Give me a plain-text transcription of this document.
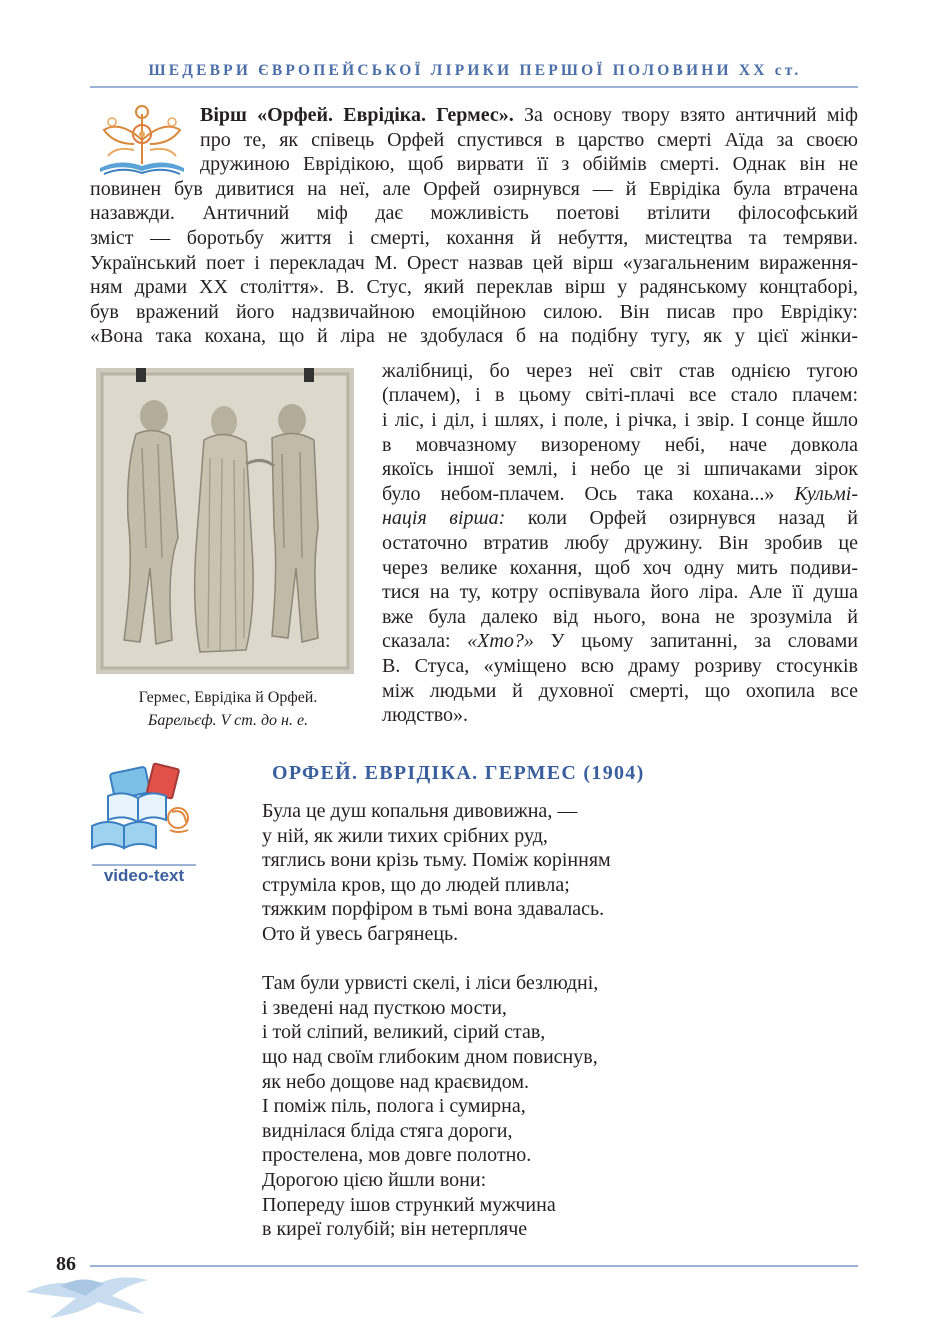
ШЕДЕВРИ ЄВРОПЕЙСЬКОЇ ЛІРИКИ ПЕРШОЇ ПОЛОВИНИ ХХ ст.
Вірш «Орфей. Еврідіка. Гермес». За основу твору взято античний міф
про те, як співець Орфей спустився в царство смерті Аїда за своєю
дружиною Еврідікою, щоб вирвати її з обіймів смерті. Однак він не
повинен був дивитися на неї, але Орфей озирнувся — й Еврідіка була втрачена
назавжди. Античний міф дає можливість поетові втілити філософський
зміст — боротьбу життя і смерті, кохання й небуття, мистецтва та темряви.
Український поет і перекладач М. Орест назвав цей вірш «узагальненим вираження-
ням драми ХХ століття». В. Стус, який переклав вірш у радянському концтаборі,
був вражений його надзвичайною емоційною силою. Він писав про Еврідіку:
«Вона така кохана, що й ліра не здобулася б на подібну тугу, як у цієї жінки-
Гермес, Еврідіка й Орфей.
Барельєф. V ст. до н. е.
жалібниці, бо через неї світ став однією тугою
(плачем), і в цьому світі-плачі все стало плачем:
і ліс, і діл, і шлях, і поле, і річка, і звір. І сонце йшло
в мовчазному визореному небі, наче довкола
якоїсь іншої землі, і небо це зі шпичаками зірок
було небом-плачем. Ось така кохана...» Кульмі-
нація вірша: коли Орфей озирнувся назад й
остаточно втратив любу дружину. Він зробив це
через велике кохання, щоб хоч одну мить подиви-
тися на ту, котру оспівувала його ліра. Але її душа
вже була далеко від нього, вона не зрозуміла й
сказала: «Хто?» У цьому запитанні, за словами
В. Стуса, «уміщено всю драму розриву стосунків
між людьми й духовної смерті, що охопила все
людство».
video-text
ОРФЕЙ. ЕВРІДІКА. ГЕРМЕС (1904)
Була це душ копальня дивовижна, —
у ній, як жили тихих срібних руд,
тяглись вони крізь тьму. Поміж корінням
струміла кров, що до людей пливла;
тяжким порфіром в тьмі вона здавалась.
Ото й увесь багрянець.
Там були урвисті скелі, і ліси безлюдні,
і зведені над пусткою мости,
і той сліпий, великий, сірий став,
що над своїм глибоким дном повиснув,
як небо дощове над краєвидом.
І поміж піль, полога і сумирна,
виднілася бліда стяга дороги,
простелена, мов довге полотно.
Дорогою цією йшли вони:
Попереду ішов стрункий мужчина
в киреї голубій; він нетерпляче
86
